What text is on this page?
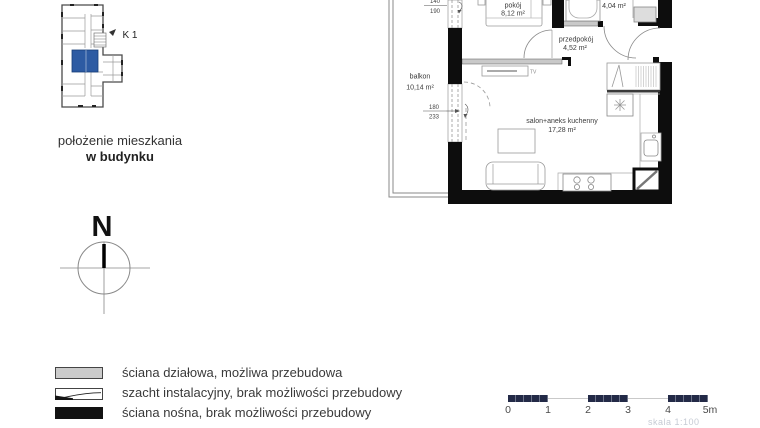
K 1
położenie mieszkania
w budynku
N
140
190
180
233
pokój
8,12 m²
4,04 m²
przedpokój
4,52 m²
balkon
10,14 m²
salon+aneks kuchenny
17,28 m²
TV
ściana działowa, możliwa przebudowa
szacht instalacyjny, brak możliwości przebudowy
ściana nośna, brak możliwości przebudowy	0	1	2	3	4	5m
skala 1:100
